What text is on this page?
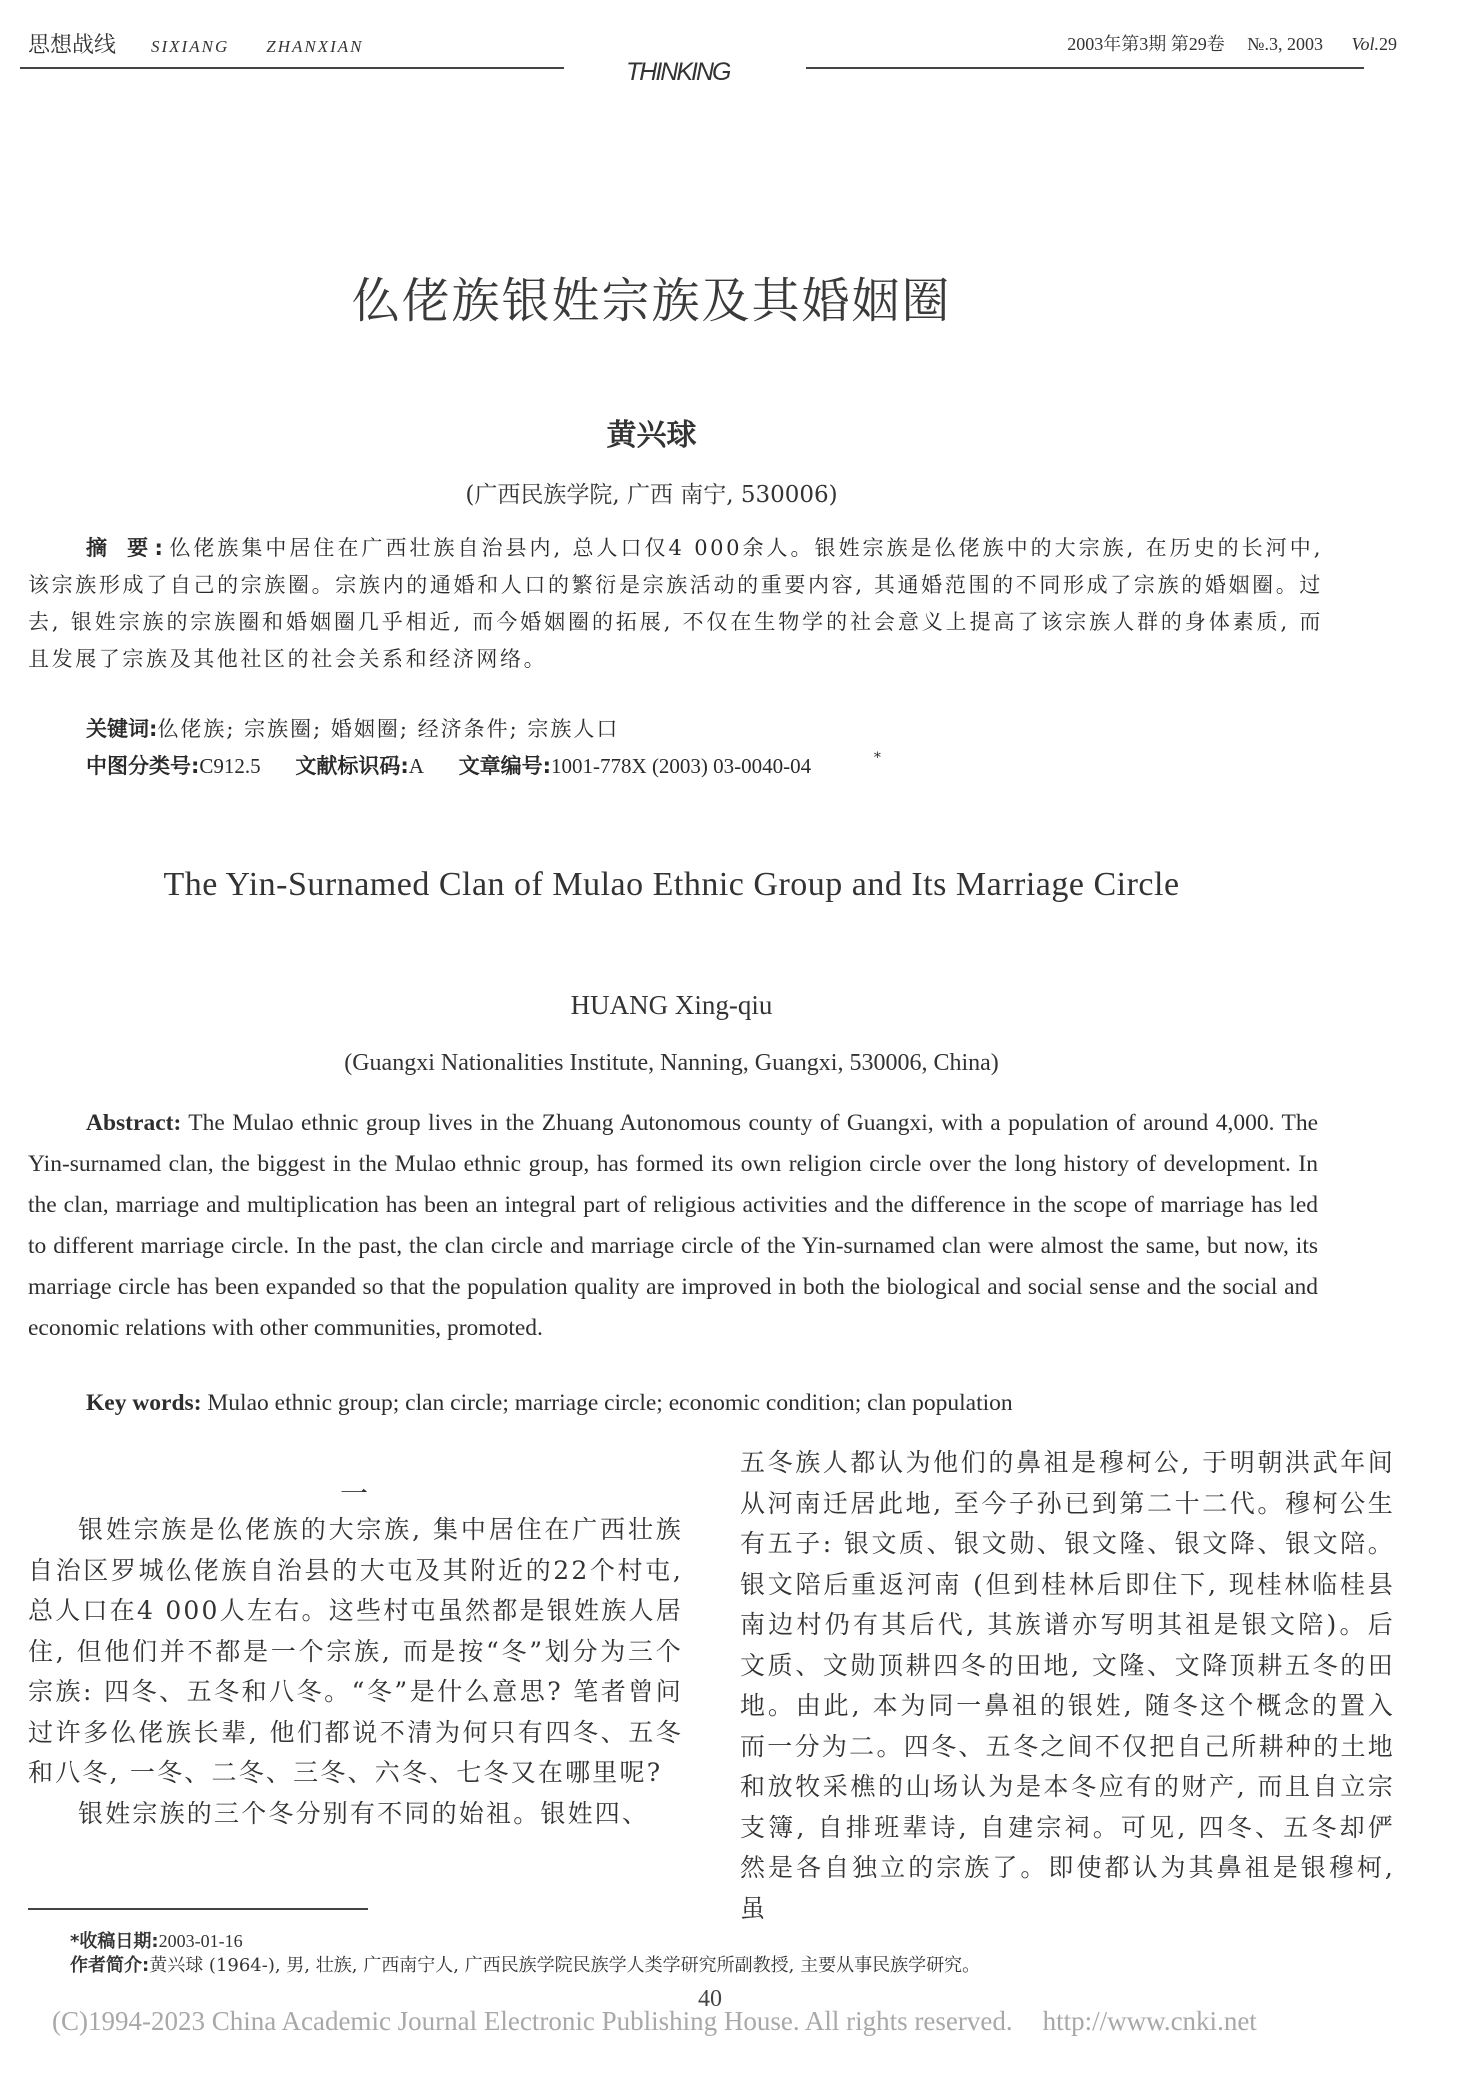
思想战线 SIXIANG ZHANXIAN
THINKING
2003年第3期 第29卷 №.3, 2003 Vol.29
仫佬族银姓宗族及其婚姻圈
黄兴球
(广西民族学院, 广西 南宁, 530006)
摘 要:仫佬族集中居住在广西壮族自治县内, 总人口仅4 000余人。银姓宗族是仫佬族中的大宗族, 在历史的长河中, 该宗族形成了自己的宗族圈。宗族内的通婚和人口的繁衍是宗族活动的重要内容, 其通婚范围的不同形成了宗族的婚姻圈。过去, 银姓宗族的宗族圈和婚姻圈几乎相近, 而今婚姻圈的拓展, 不仅在生物学的社会意义上提高了该宗族人群的身体素质, 而且发展了宗族及其他社区的社会关系和经济网络。
关键词:仫佬族; 宗族圈; 婚姻圈; 经济条件; 宗族人口
中图分类号:C912.5 文献标识码:A 文章编号:1001-778X (2003) 03-0040-04	*
The Yin-Surnamed Clan of Mulao Ethnic Group and Its Marriage Circle
HUANG Xing-qiu
(Guangxi Nationalities Institute, Nanning, Guangxi, 530006, China)
Abstract: The Mulao ethnic group lives in the Zhuang Autonomous county of Guangxi, with a population of around 4,000. The Yin-surnamed clan, the biggest in the Mulao ethnic group, has formed its own religion circle over the long history of development. In the clan, marriage and multiplication has been an integral part of religious activities and the difference in the scope of marriage has led to different marriage circle. In the past, the clan circle and marriage circle of the Yin-surnamed clan were almost the same, but now, its marriage circle has been expanded so that the population quality are improved in both the biological and social sense and the social and economic relations with other communities, promoted.
Key words: Mulao ethnic group; clan circle; marriage circle; economic condition; clan population
一

银姓宗族是仫佬族的大宗族, 集中居住在广西壮族自治区罗城仫佬族自治县的大屯及其附近的22个村屯, 总人口在4 000人左右。这些村屯虽然都是银姓族人居住, 但他们并不都是一个宗族, 而是按“冬”划分为三个宗族: 四冬、五冬和八冬。“冬”是什么意思? 笔者曾问过许多仫佬族长辈, 他们都说不清为何只有四冬、五冬和八冬, 一冬、二冬、三冬、六冬、七冬又在哪里呢?

银姓宗族的三个冬分别有不同的始祖。银姓四、

五冬族人都认为他们的鼻祖是穆柯公, 于明朝洪武年间从河南迁居此地, 至今子孙已到第二十二代。穆柯公生有五子: 银文质、银文勋、银文隆、银文降、银文陪。银文陪后重返河南 (但到桂林后即住下, 现桂林临桂县南边村仍有其后代, 其族谱亦写明其祖是银文陪)。后文质、文勋顶耕四冬的田地, 文隆、文降顶耕五冬的田地。由此, 本为同一鼻祖的银姓, 随冬这个概念的置入而一分为二。四冬、五冬之间不仅把自己所耕种的土地和放牧采樵的山场认为是本冬应有的财产, 而且自立宗支簿, 自排班辈诗, 自建宗祠。可见, 四冬、五冬却俨然是各自独立的宗族了。即使都认为其鼻祖是银穆柯, 虽

*收稿日期:2003-01-16
作者简介:黄兴球 (1964-), 男, 壮族, 广西南宁人, 广西民族学院民族学人类学研究所副教授, 主要从事民族学研究。
40
(C)1994-2023 China Academic Journal Electronic Publishing House. All rights reserved. http://www.cnki.net
